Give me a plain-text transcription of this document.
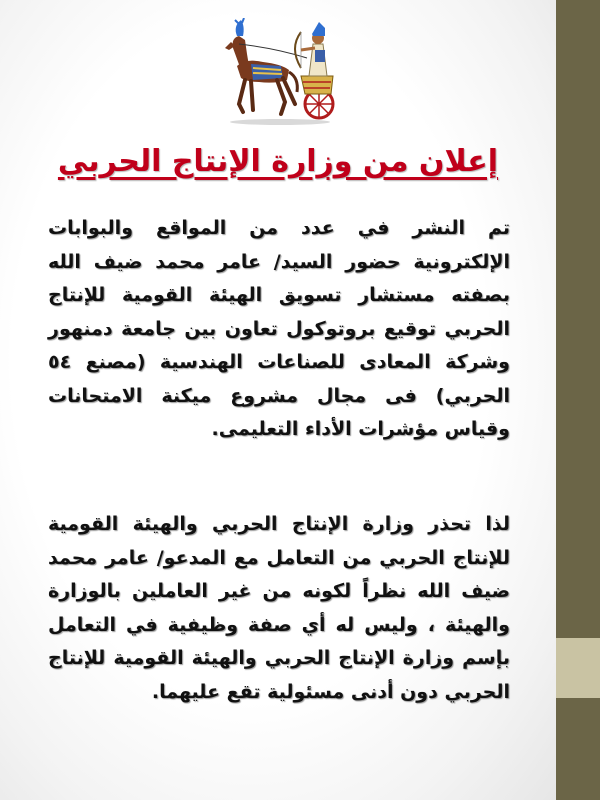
إعلان من وزارة الإنتاج الحربي
تم النشر في عدد من المواقع والبوابات الإلكترونية حضور السيد/ عامر محمد ضيف الله بصفته مستشار تسويق الهيئة القومية للإنتاج الحربي توقيع بروتوكول تعاون بين جامعة دمنهور وشركة المعادى للصناعات الهندسية (مصنع ٥٤ الحربي) فى مجال مشروع ميكنة الامتحانات وقياس مؤشرات الأداء التعليمى.
لذا تحذر وزارة الإنتاج الحربي والهيئة القومية للإنتاج الحربي من التعامل مع المدعو/ عامر محمد ضيف الله نظراً لكونه من غير العاملين بالوزارة والهيئة ، وليس له أي صفة وظيفية في التعامل بإسم وزارة الإنتاج الحربي والهيئة القومية للإنتاج الحربي دون أدنى مسئولية تقع عليهما.
